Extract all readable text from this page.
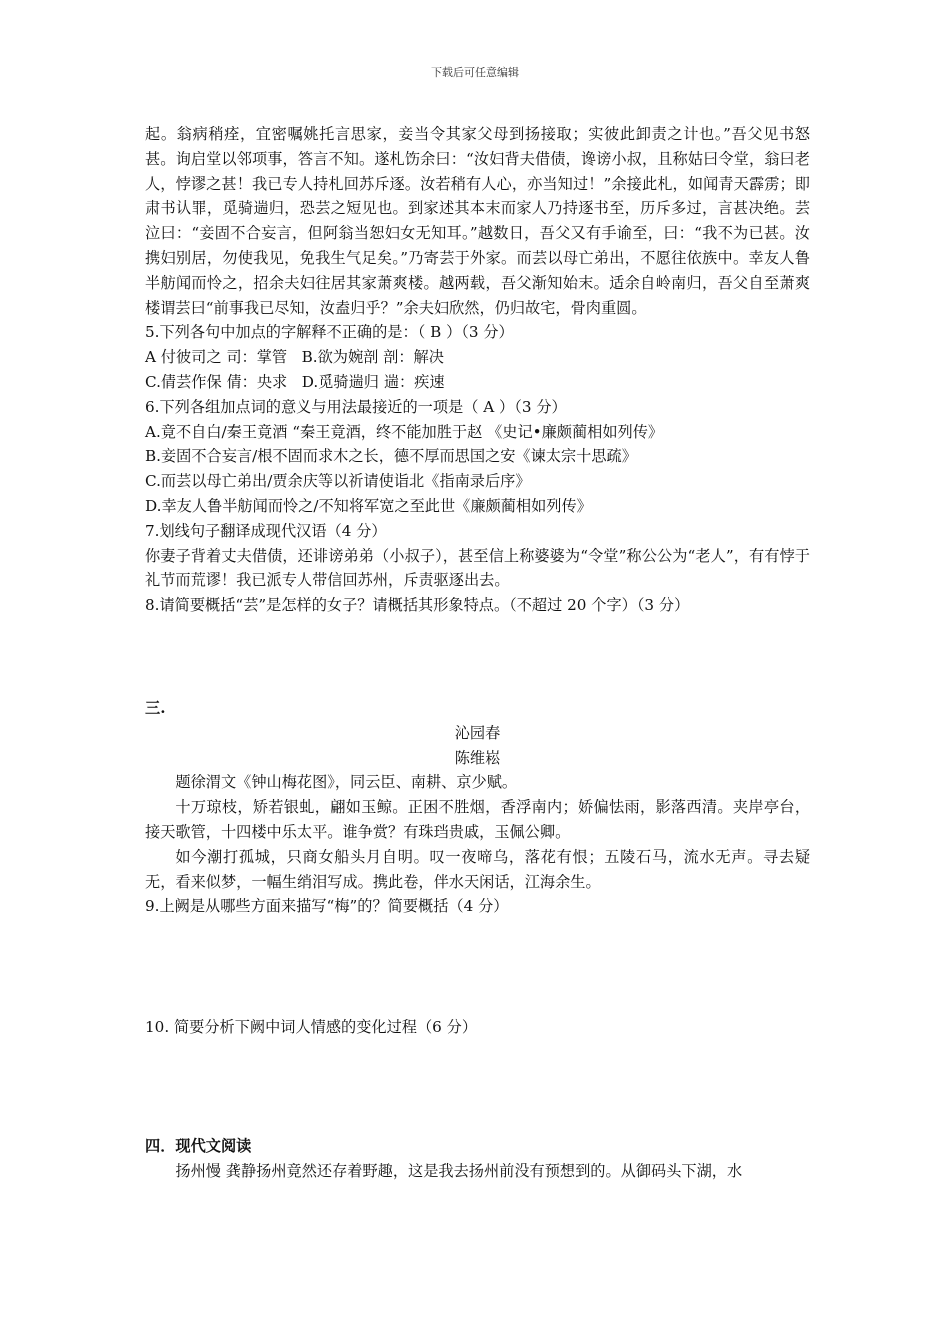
下载后可任意编辑

起。翁病稍痊，宜密嘱姚托言思家，妾当令其家父母到扬接取；实彼此卸责之计也。”吾父见书怒甚。询启堂以邻项事，答言不知。遂札饬余曰：“汝妇背夫借债，谗谤小叔，且称姑曰令堂，翁曰老人，悖谬之甚！我已专人持札回苏斥逐。汝若稍有人心，亦当知过！”余接此札，如闻青天霹雳；即肃书认罪，觅骑遄归，恐芸之短见也。到家述其本末而家人乃持逐书至，历斥多过，言甚决绝。芸泣曰：“妾固不合妄言，但阿翁当恕妇女无知耳。”越数日，吾父又有手谕至，曰：“我不为已甚。汝携妇别居，勿使我见，免我生气足矣。”乃寄芸于外家。而芸以母亡弟出，不愿往依族中。幸友人鲁半舫闻而怜之，招余夫妇往居其家萧爽楼。越两载，吾父渐知始末。适余自岭南归，吾父自至萧爽楼谓芸曰“前事我已尽知，汝盍归乎？”余夫妇欣然，仍归故宅，骨肉重圆。

5.下列各句中加点的字解释不正确的是：（ B ）（3 分）

A 付彼司之 司：掌管   B.欲为婉剖 剖：解决

C.倩芸作保 倩：央求   D.觅骑遄归 遄：疾速

6.下列各组加点词的意义与用法最接近的一项是（ A ）（3 分）

A.竟不自白/秦王竟酒 “秦王竟酒，终不能加胜于赵 《史记•廉颇蔺相如列传》

B.妾固不合妄言/根不固而求木之长，德不厚而思国之安《谏太宗十思疏》

C.而芸以母亡弟出/贾余庆等以祈请使诣北《指南录后序》

D.幸友人鲁半舫闻而怜之/不知将军宽之至此世《廉颇蔺相如列传》

7.划线句子翻译成现代汉语（4 分）

你妻子背着丈夫借债，还诽谤弟弟（小叔子），甚至信上称婆婆为“令堂”称公公为“老人”，有有悖于礼节而荒谬！我已派专人带信回苏州，斥责驱逐出去。

8.请简要概括“芸”是怎样的女子？请概括其形象特点。（不超过 20 个字）（3 分）

三.

沁园春

陈维崧

题徐渭文《钟山梅花图》，同云臣、南耕、京少赋。

十万琼枝，矫若银虬，翩如玉鲸。正困不胜烟，香浮南内；娇偏怯雨，影落西清。夹岸亭台，接天歌管，十四楼中乐太平。谁争赏？有珠珰贵戚，玉佩公卿。

如今潮打孤城，只商女船头月自明。叹一夜啼乌，落花有恨；五陵石马，流水无声。寻去疑无，看来似梦，一幅生绡泪写成。携此卷，伴水天闲话，江海余生。

9.上阙是从哪些方面来描写“梅”的？简要概括（4 分）

10. 简要分析下阙中词人情感的变化过程（6 分）

四．现代文阅读

扬州慢 龚静扬州竟然还存着野趣，这是我去扬州前没有预想到的。从御码头下湖，水
